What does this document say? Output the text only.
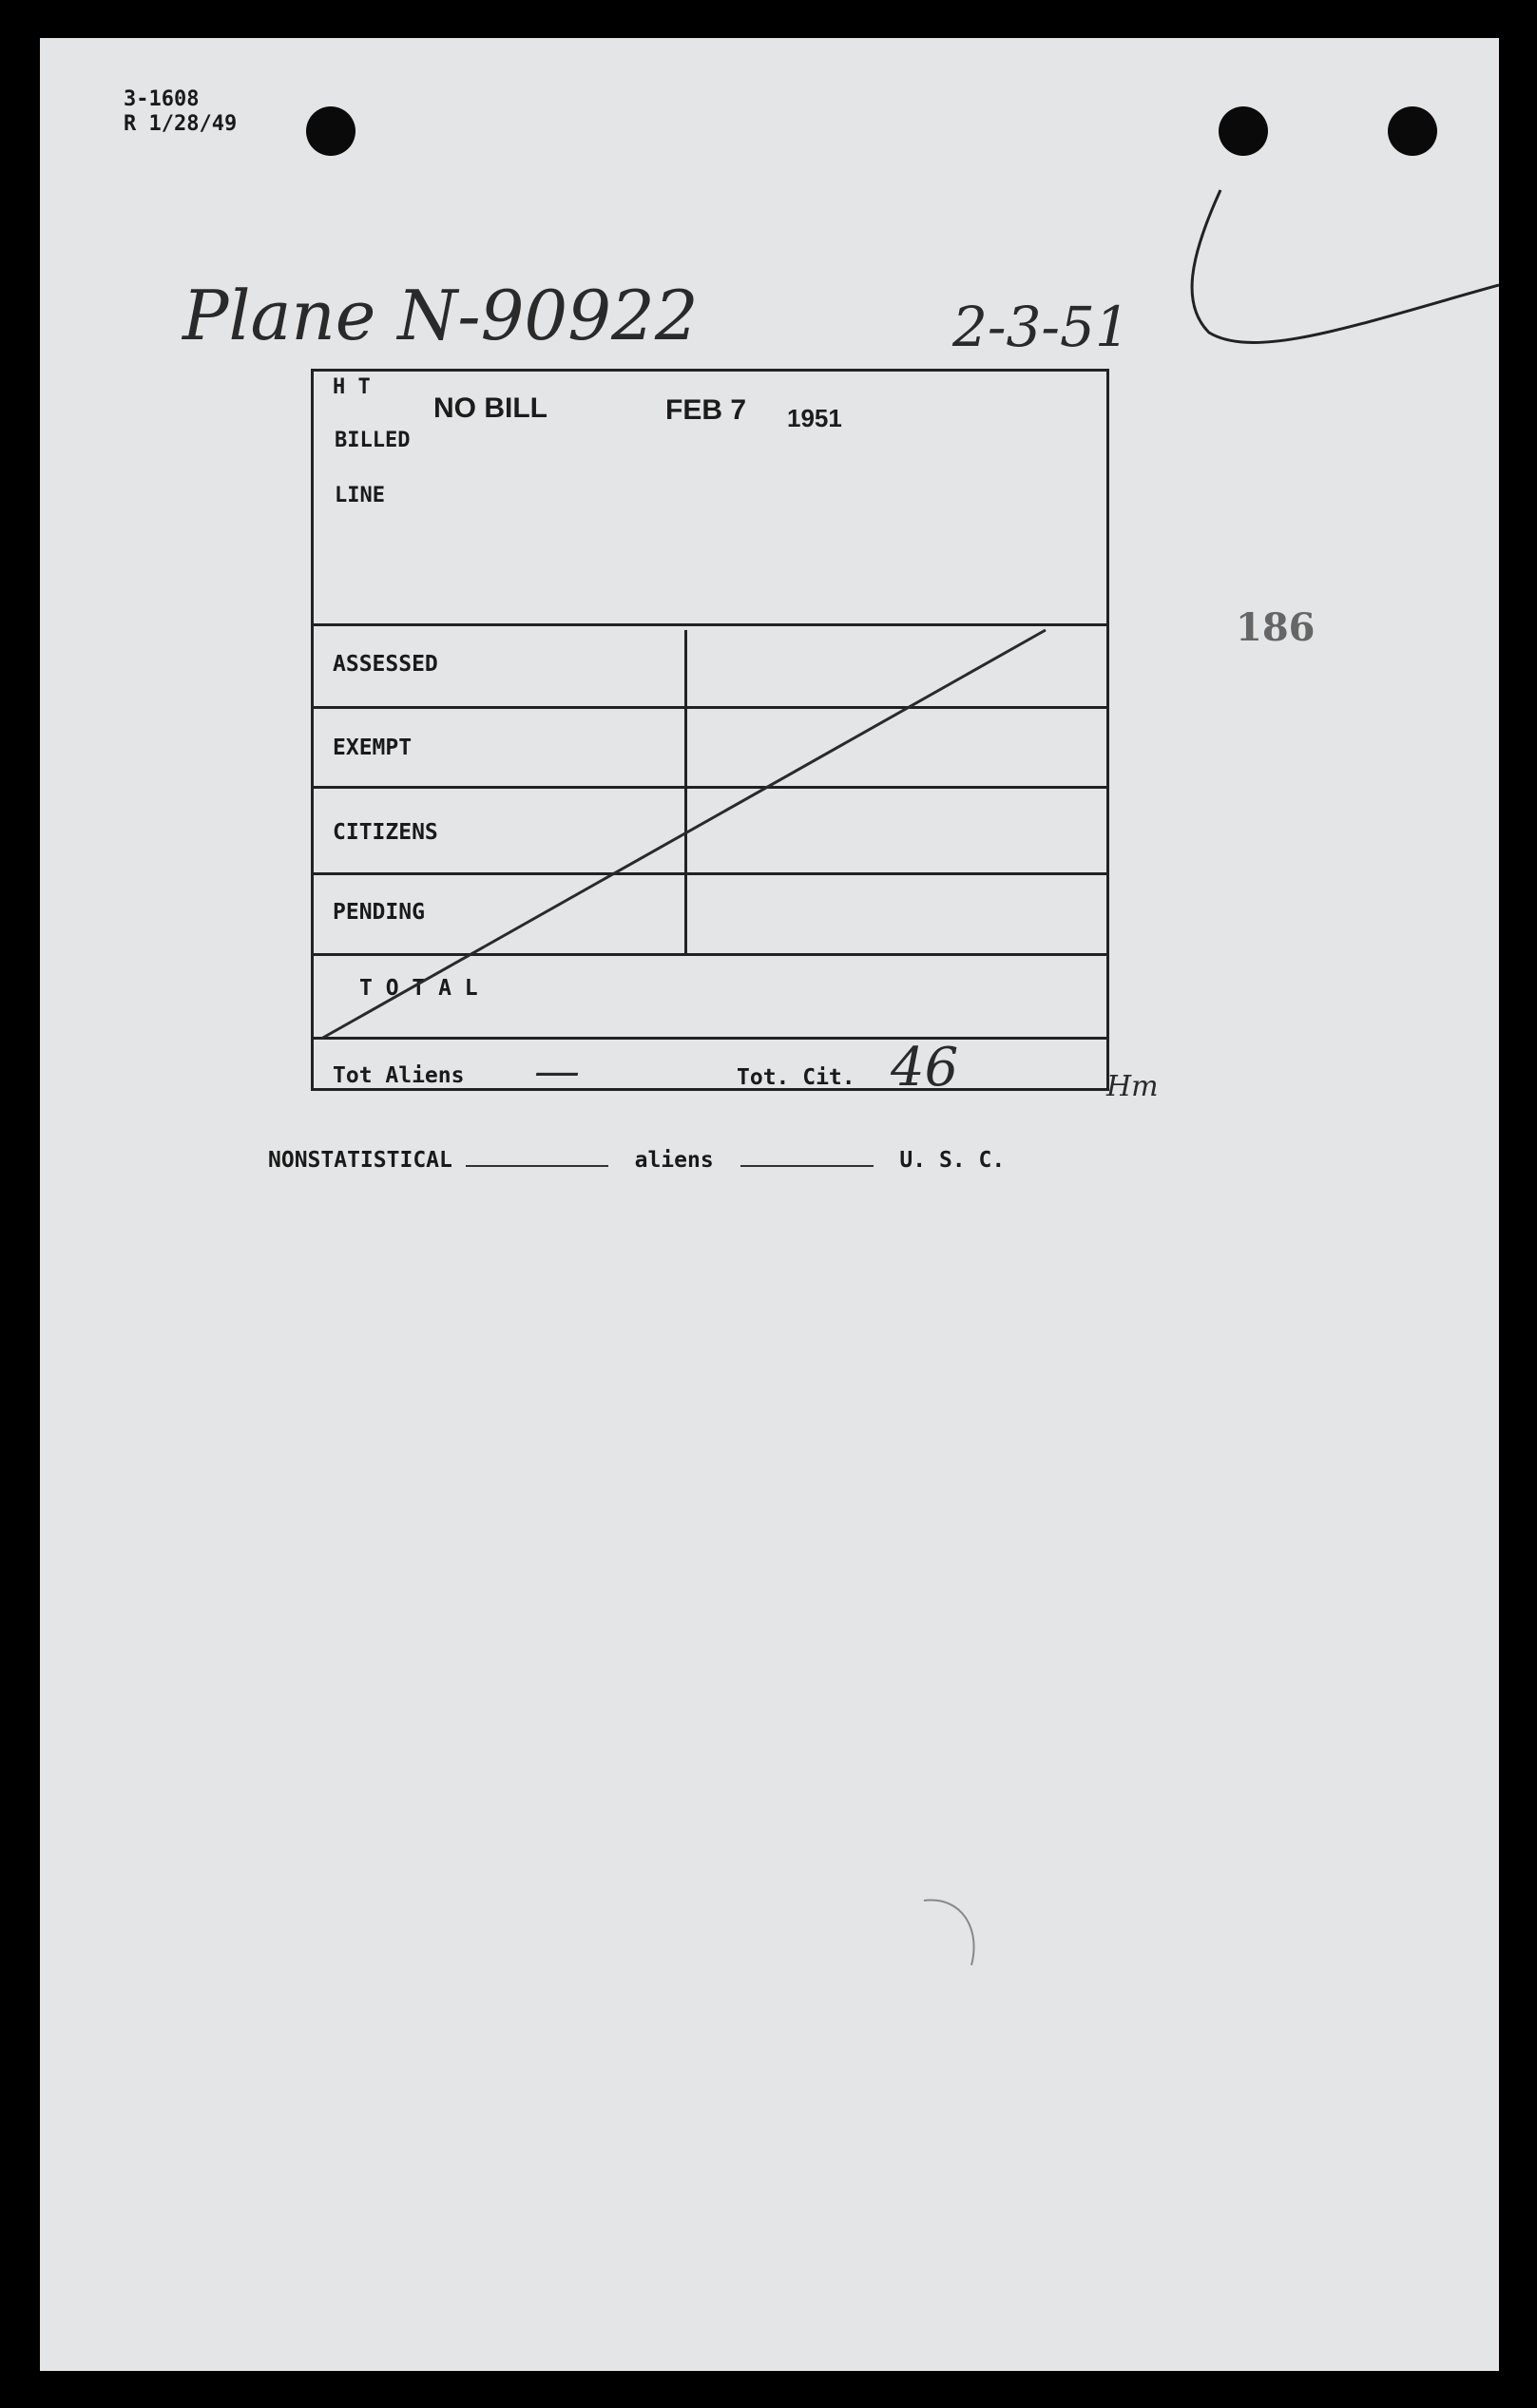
3-1608
R 1/28/49
Plane N-90922	2-3-51
186
H T
BILLED
LINE
NO BILL	FEB 7 1951
ASSESSED
EXEMPT
CITIZENS
PENDING
T O T A L
Tot Aliens —	Tot. Cit. 46	Hm
NONSTATISTICAL	aliens	U. S. C.
